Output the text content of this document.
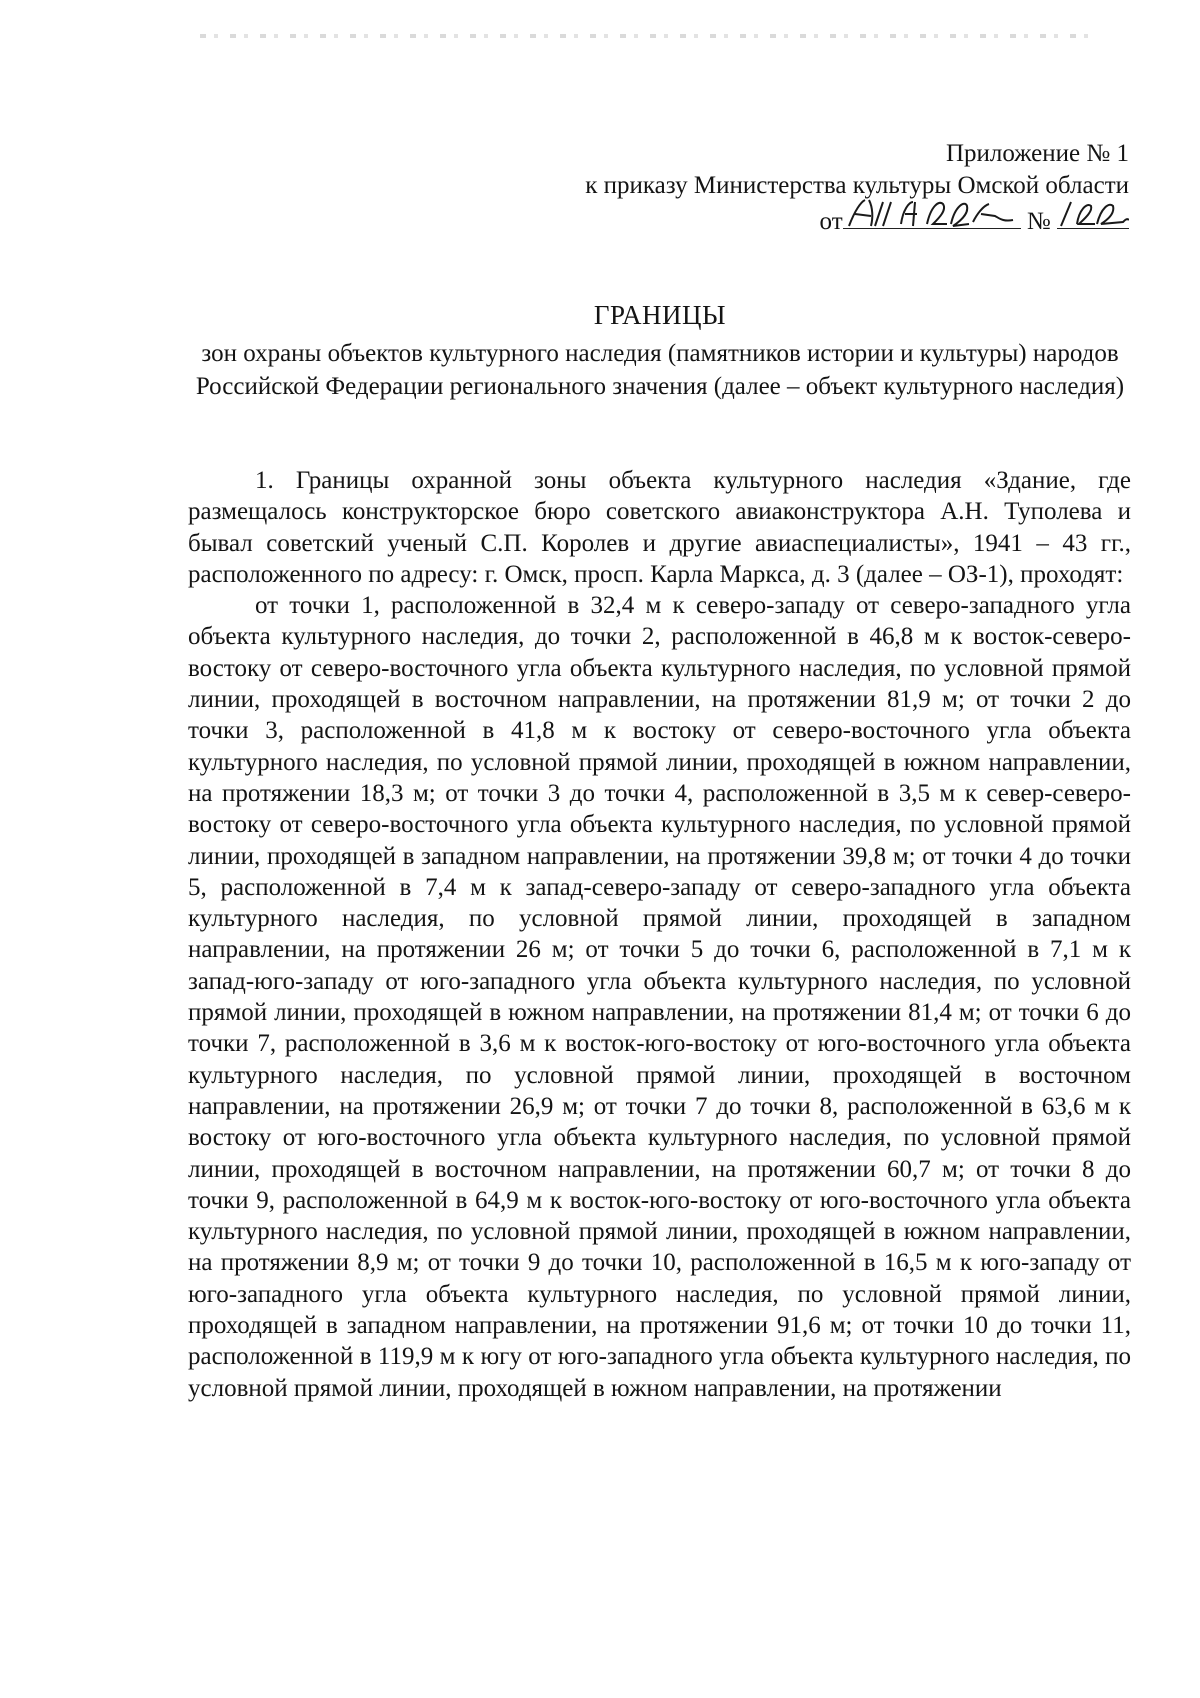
Приложение № 1
к приказу Министерства культуры Омской области
от	№
ГРАНИЦЫ
зон охраны объектов культурного наследия (памятников истории и культуры) народов Российской Федерации регионального значения (далее – объект культурного наследия)

1. Границы охранной зоны объекта культурного наследия «Здание, где размещалось конструкторское бюро советского авиаконструктора А.Н. Туполева и бывал советский ученый С.П. Королев и другие авиаспециалисты», 1941 – 43 гг., расположенного по адресу: г. Омск, просп. Карла Маркса, д. 3 (далее – ОЗ-1), проходят:

от точки 1, расположенной в 32,4 м к северо-западу от северо-западного угла объекта культурного наследия, до точки 2, расположенной в 46,8 м к восток-северо-востоку от северо-восточного угла объекта культурного наследия, по условной прямой линии, проходящей в восточном направлении, на протяжении 81,9 м; от точки 2 до точки 3, расположенной в 41,8 м к востоку от северо-восточного угла объекта культурного наследия, по условной прямой линии, проходящей в южном направлении, на протяжении 18,3 м; от точки 3 до точки 4, расположенной в 3,5 м к север-северо-востоку от северо-восточного угла объекта культурного наследия, по условной прямой линии, проходящей в западном направлении, на протяжении 39,8 м; от точки 4 до точки 5, расположенной в 7,4 м к запад-северо-западу от северо-западного угла объекта культурного наследия, по условной прямой линии, проходящей в западном направлении, на протяжении 26 м; от точки 5 до точки 6, расположенной в 7,1 м к запад-юго-западу от юго-западного угла объекта культурного наследия, по условной прямой линии, проходящей в южном направлении, на протяжении 81,4 м; от точки 6 до точки 7, расположенной в 3,6 м к восток-юго-востоку от юго-восточного угла объекта культурного наследия, по условной прямой линии, проходящей в восточном направлении, на протяжении 26,9 м; от точки 7 до точки 8, расположенной в 63,6 м к востоку от юго-восточного угла объекта культурного наследия, по условной прямой линии, проходящей в восточном направлении, на протяжении 60,7 м; от точки 8 до точки 9, расположенной в 64,9 м к восток-юго-востоку от юго-восточного угла объекта культурного наследия, по условной прямой линии, проходящей в южном направлении, на протяжении 8,9 м; от точки 9 до точки 10, расположенной в 16,5 м к юго-западу от юго-западного угла объекта культурного наследия, по условной прямой линии, проходящей в западном направлении, на протяжении 91,6 м; от точки 10 до точки 11, расположенной в 119,9 м к югу от юго-западного угла объекта культурного наследия, по условной прямой линии, проходящей в южном направлении, на протяжении
